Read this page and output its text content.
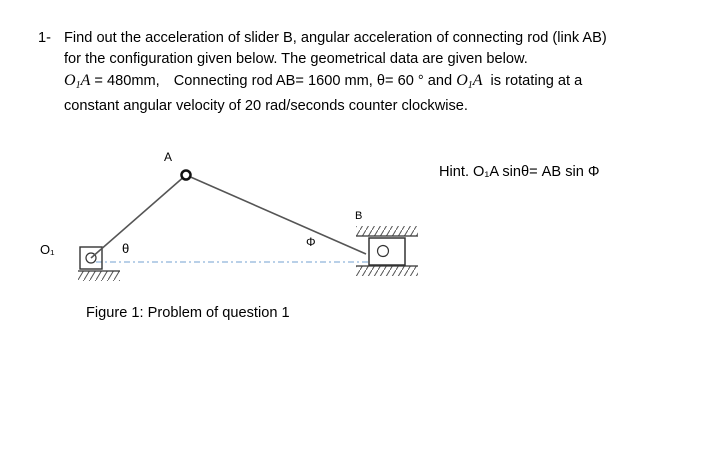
1- Find out the acceleration of slider B, angular acceleration of connecting rod (link AB)
for the configuration given below. The geometrical data are given below.
$O_1A = 480mm$, Connecting rod AB= 1600 mm, θ= 60 ° and $O_1A$ is rotating at a
constant angular velocity of 20 rad/seconds counter clockwise.
Hint. O₁A sinθ= AB sin Φ
A
B
O₁	θ	Φ
Figure 1: Problem of question 1
